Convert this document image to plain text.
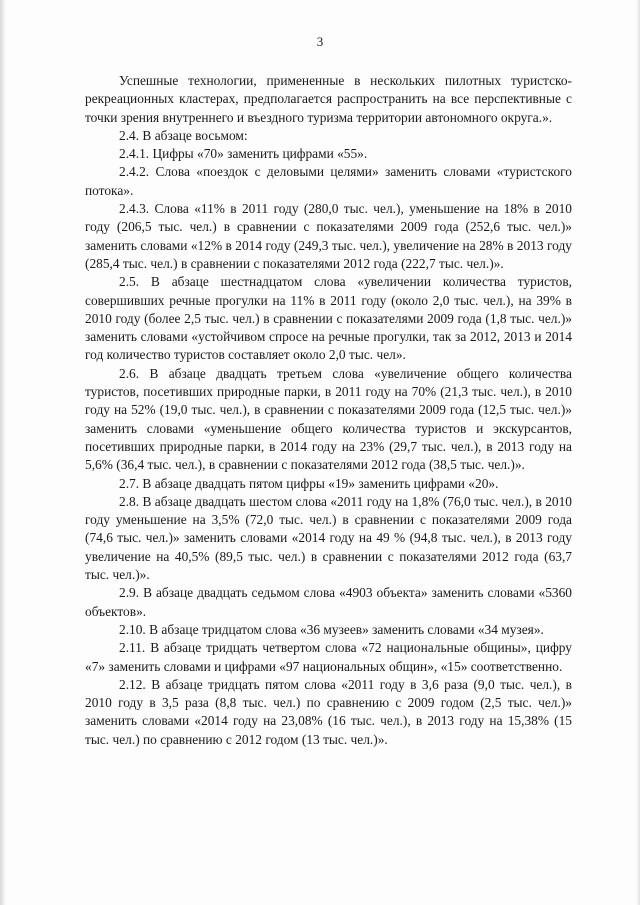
3

Успешные технологии, примененные в нескольких пилотных туристско-рекреационных кластерах, предполагается распространить на все перспективные с точки зрения внутреннего и въездного туризма территории автономного округа.».

2.4. В абзаце восьмом:

2.4.1. Цифры «70» заменить цифрами «55».

2.4.2. Слова «поездок с деловыми целями» заменить словами «туристского потока».

2.4.3. Слова «11% в 2011 году (280,0 тыс. чел.), уменьшение на 18% в 2010 году (206,5 тыс. чел.) в сравнении с показателями 2009 года (252,6 тыс. чел.)» заменить словами «12% в 2014 году (249,3 тыс. чел.), увеличение на 28% в 2013 году (285,4 тыс. чел.) в сравнении с показателями 2012 года (222,7 тыс. чел.)».

2.5. В абзаце шестнадцатом слова «увеличении количества туристов, совершивших речные прогулки на 11% в 2011 году (около 2,0 тыс. чел.), на 39% в 2010 году (более 2,5 тыс. чел.) в сравнении с показателями 2009 года (1,8 тыс. чел.)» заменить словами «устойчивом спросе на речные прогулки, так за 2012, 2013 и 2014 год количество туристов составляет около 2,0 тыс. чел».

2.6. В абзаце двадцать третьем слова «увеличение общего количества туристов, посетивших природные парки, в 2011 году на 70% (21,3 тыс. чел.), в 2010 году на 52% (19,0 тыс. чел.), в сравнении с показателями 2009 года (12,5 тыс. чел.)» заменить словами «уменьшение общего количества туристов и экскурсантов, посетивших природные парки, в 2014 году на 23% (29,7 тыс. чел.), в 2013 году на 5,6% (36,4 тыс. чел.), в сравнении с показателями 2012 года (38,5 тыс. чел.)».

2.7. В абзаце двадцать пятом цифры «19» заменить цифрами «20».

2.8. В абзаце двадцать шестом слова «2011 году на 1,8% (76,0 тыс. чел.), в 2010 году уменьшение на 3,5% (72,0 тыс. чел.) в сравнении с показателями 2009 года (74,6 тыс. чел.)» заменить словами «2014 году на 49 % (94,8 тыс. чел.), в 2013 году увеличение на 40,5% (89,5 тыс. чел.) в сравнении с показателями 2012 года (63,7 тыс. чел.)».

2.9. В абзаце двадцать седьмом слова «4903 объекта» заменить словами «5360 объектов».

2.10. В абзаце тридцатом слова «36 музеев» заменить словами «34 музея».

2.11. В абзаце тридцать четвертом слова «72 национальные общины», цифру «7» заменить словами и цифрами «97 национальных общин», «15» соответственно.

2.12. В абзаце тридцать пятом слова «2011 году в 3,6 раза (9,0 тыс. чел.), в 2010 году в 3,5 раза (8,8 тыс. чел.) по сравнению с 2009 годом (2,5 тыс. чел.)» заменить словами «2014 году на 23,08% (16 тыс. чел.), в 2013 году на 15,38% (15 тыс. чел.) по сравнению с 2012 годом (13 тыс. чел.)».
